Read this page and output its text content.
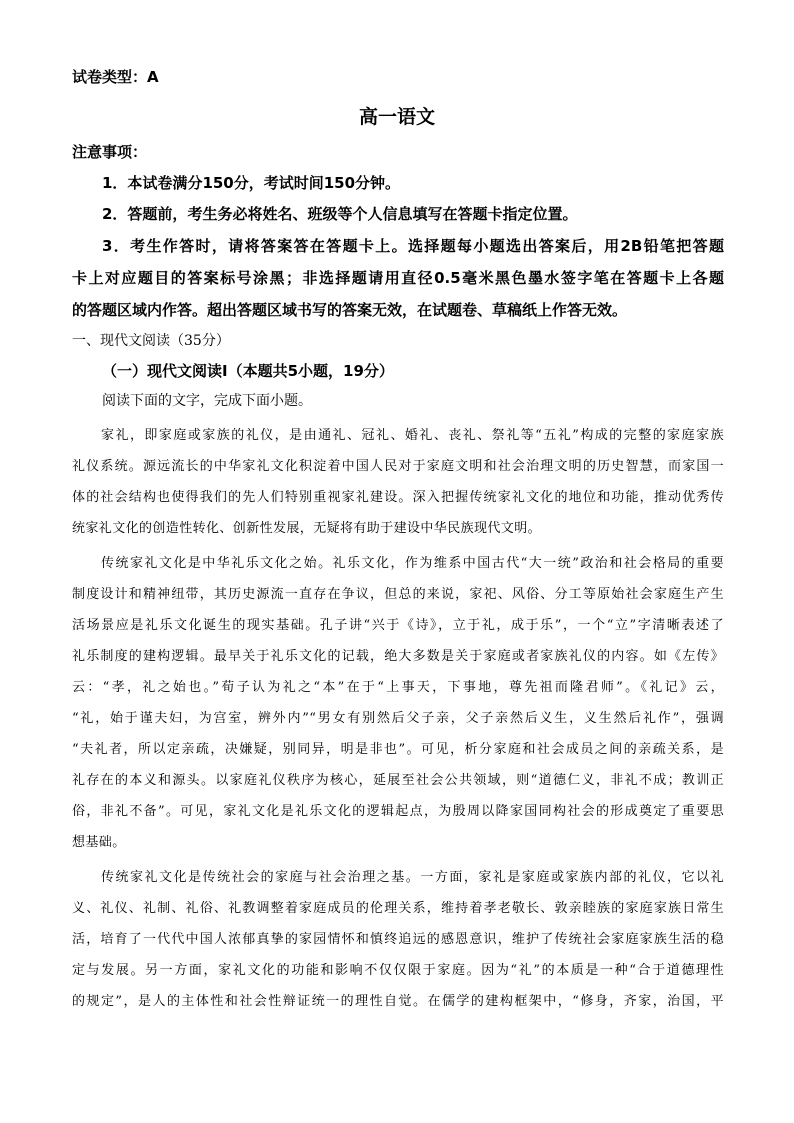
试卷类型：A
高一语文
注意事项：
1．本试卷满分150分，考试时间150分钟。
2．答题前，考生务必将姓名、班级等个人信息填写在答题卡指定位置。
3．考生作答时，请将答案答在答题卡上。选择题每小题选出答案后，用2B铅笔把答题
卡上对应题目的答案标号涂黑；非选择题请用直径0.5毫米黑色墨水签字笔在答题卡上各题
的答题区域内作答。超出答题区域书写的答案无效，在试题卷、草稿纸上作答无效。
一、现代文阅读（35分）
（一）现代文阅读Ⅰ（本题共5小题，19分）
阅读下面的文字，完成下面小题。
家礼，即家庭或家族的礼仪，是由通礼、冠礼、婚礼、丧礼、祭礼等“五礼”构成的完整的家庭家族
礼仪系统。源远流长的中华家礼文化积淀着中国人民对于家庭文明和社会治理文明的历史智慧，而家国一
体的社会结构也使得我们的先人们特别重视家礼建设。深入把握传统家礼文化的地位和功能，推动优秀传
统家礼文化的创造性转化、创新性发展，无疑将有助于建设中华民族现代文明。
传统家礼文化是中华礼乐文化之始。礼乐文化，作为维系中国古代“大一统”政治和社会格局的重要
制度设计和精神纽带，其历史源流一直存在争议，但总的来说，家祀、风俗、分工等原始社会家庭生产生
活场景应是礼乐文化诞生的现实基础。孔子讲“兴于《诗》，立于礼，成于乐”，一个“立”字清晰表述了
礼乐制度的建构逻辑。最早关于礼乐文化的记载，绝大多数是关于家庭或者家族礼仪的内容。如《左传》
云：“孝，礼之始也。”荀子认为礼之“本”在于“上事天，下事地，尊先祖而隆君师”。《礼记》云，
“礼，始于谨夫妇，为宫室，辨外内”“男女有别然后父子亲，父子亲然后义生，义生然后礼作”，强调
“夫礼者，所以定亲疏，决嫌疑，别同异，明是非也”。可见，析分家庭和社会成员之间的亲疏关系，是
礼存在的本义和源头。以家庭礼仪秩序为核心，延展至社会公共领域，则“道德仁义，非礼不成；教训正
俗，非礼不备”。可见，家礼文化是礼乐文化的逻辑起点，为殷周以降家国同构社会的形成奠定了重要思
想基础。
传统家礼文化是传统社会的家庭与社会治理之基。一方面，家礼是家庭或家族内部的礼仪，它以礼
义、礼仪、礼制、礼俗、礼教调整着家庭成员的伦理关系，维持着孝老敬长、敦亲睦族的家庭家族日常生
活，培育了一代代中国人浓郁真挚的家园情怀和慎终追远的感恩意识，维护了传统社会家庭家族生活的稳
定与发展。另一方面，家礼文化的功能和影响不仅仅限于家庭。因为“礼”的本质是一种“合于道德理性
的规定”，是人的主体性和社会性辩证统一的理性自觉。在儒学的建构框架中，“修身，齐家，治国，平
